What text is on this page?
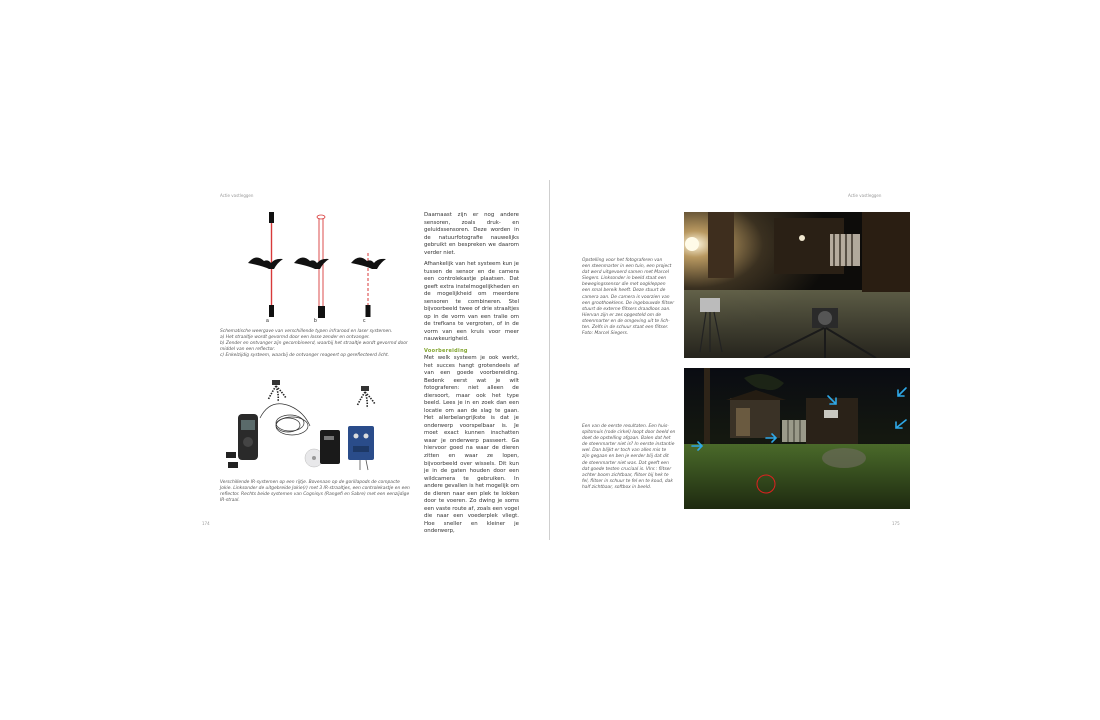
Actie vastleggen
a	b	c
Schematische weergave van verschillende typen infrarood en laser systemen.
a) Het straaltje wordt gevormd door een losse zender en ontvanger.
b) Zender en ontvanger zijn gecombineerd, waarbij het straaltje wordt gevormd door
middel van een reflector.
c) Enkelzijdig systeem, waarbij de ontvanger reageert op gereflecteerd licht.
Verschillende IR-systemen op een rijtje. Bovenaan op de gorillapods de compacte
Jokie. Linksonder de uitgebreide Jokie(r) met 3 IR-straaltjes, een controlekastje en een
reflector. Rechts beide systemen van Cognisys (Rangefi en Sabre) met een eenzijdige
IR-straal.

Daarnaast zijn er nog andere sensoren, zoals druk- en geluidssensoren. Deze worden in de natuurfotografie nauwelijks gebruikt en bespreken we daarom verder niet.

Afhankelijk van het systeem kun je tussen de sensor en de camera een controlekastje plaatsen. Dat geeft extra instelmogelijkheden en de mogelijkheid om meerdere sensoren te combineren. Stel bijvoorbeeld twee of drie straaltjes op in de vorm van een tralie om de trefkans te vergroten, of in de vorm van een kruis voor meer nauwkeurigheid.

Voorbereiding

Met welk systeem je ook werkt, het succes hangt grotendeels af van een goede voorbereiding. Bedenk eerst wat je wilt fotograferen: niet alleen de diersoort, maar ook het type beeld. Lees je in en zoek dan een locatie om aan de slag te gaan. Het allerbelangrijkste is dat je onderwerp voorspelbaar is. Je moet exact kunnen inschatten waar je onderwerp passeert. Ga hiervoor goed na waar de dieren zitten en waar ze lopen, bijvoorbeeld over wissels. Dit kun je in de gaten houden door een wildcamera te gebruiken. In andere gevallen is het mogelijk om de dieren naar een plek te lokken door te voeren. Zo dwing je soms een vaste route af, zoals een vogel die naar een voederplek vliegt. Hoe sneller en kleiner je onderwerp,

174
Actie vastleggen
Opstelling voor het fotograferen van
een steenmarter in een tuin, een project
dat werd uitgevoerd samen met Marcel
Siegers. Linksonder in beeld staat een
bewegingssensor die met oogkleppen
een smal bereik heeft. Deze stuurt de
camera aan. De camera is voorzien van
een groothoeklens. De ingebouwde flitser
stuurt de externe flitsers draadloos aan.
Hiervan zijn er zes opgesteld om de
steenmarter en de omgeving uit te lich-
ten. Zelfs in de schuur staat een flitser.
Foto: Marcel Siegers.
Een van de eerste resultaten. Een huis-
spitsmuis (rode cirkel) loopt door beeld en
doet de opstelling afgaan. Balen dat het
de steenmarter niet is? In eerste instantie
wel. Dan blijkt er toch van alles mis te
zijn gegaan en ben je eerder blij dat dit
de steenmarter niet was. Dat geeft een
dat goede testen cruciaal is. Vlnr.: flitser
achter boom zichtbaar, flitser bij hek te
fel, flitser in schuur te fel en te koud, dak
half zichtbaar, softbox in beeld.
175
